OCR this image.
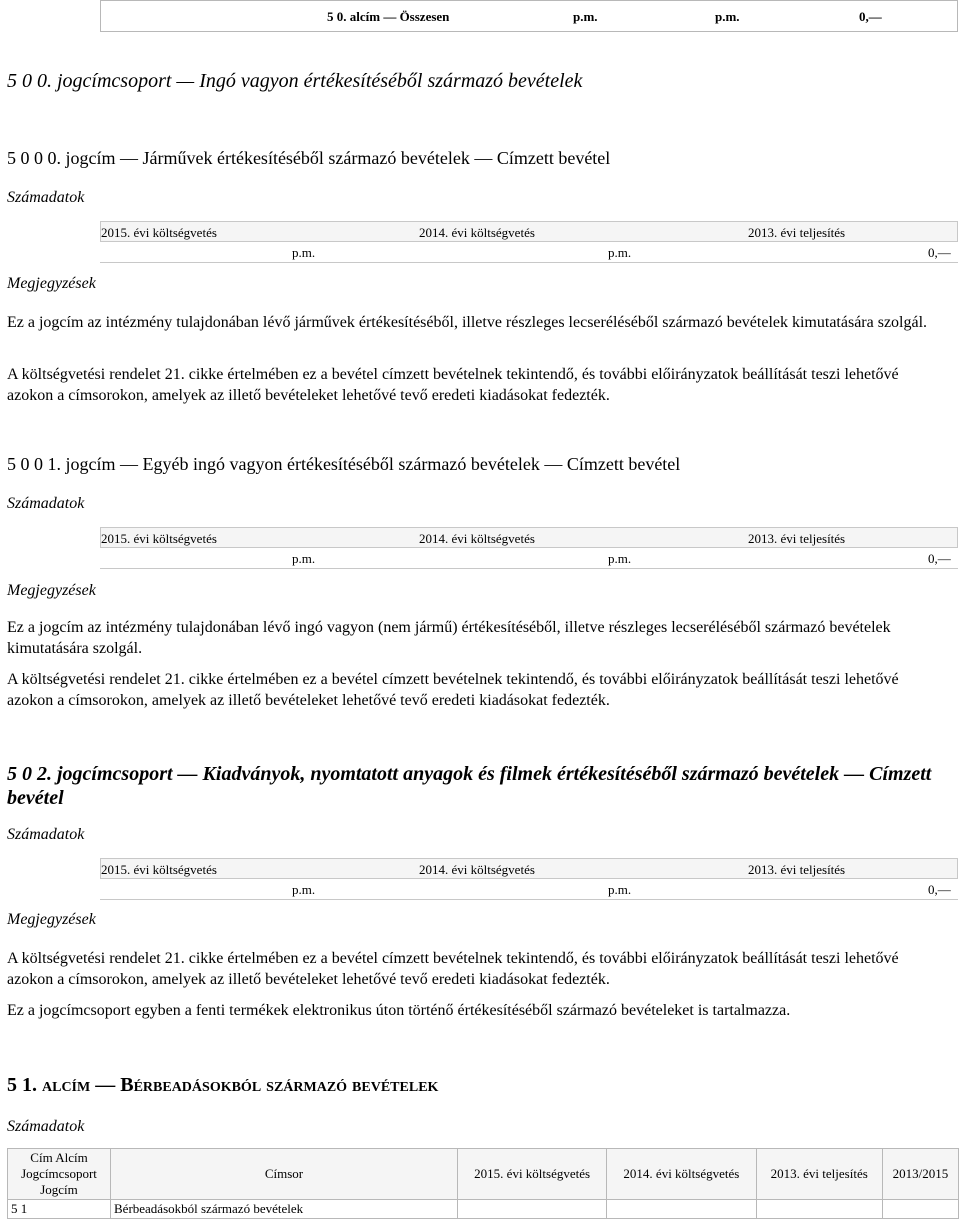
5 0. alcím — Összesen	p.m.	p.m.	0,—
5 0 0. jogcímcsoport — Ingó vagyon értékesítéséből származó bevételek
5 0 0 0. jogcím — Járművek értékesítéséből származó bevételek — Címzett bevétel
Számadatok
2015. évi költségvetés	2014. évi költségvetés	2013. évi teljesítés
p.m.	p.m.	0,—
Megjegyzések
Ez a jogcím az intézmény tulajdonában lévő járművek értékesítéséből, illetve részleges lecseréléséből származó bevételek kimutatására szolgál.
A költségvetési rendelet 21. cikke értelmében ez a bevétel címzett bevételnek tekintendő, és további előirányzatok beállítását teszi lehetővé azokon a címsorokon, amelyek az illető bevételeket lehetővé tevő eredeti kiadásokat fedezték.
5 0 0 1. jogcím — Egyéb ingó vagyon értékesítéséből származó bevételek — Címzett bevétel
Számadatok
2015. évi költségvetés	2014. évi költségvetés	2013. évi teljesítés
p.m.	p.m.	0,—
Megjegyzések
Ez a jogcím az intézmény tulajdonában lévő ingó vagyon (nem jármű) értékesítéséből, illetve részleges lecseréléséből származó bevételek kimutatására szolgál.
A költségvetési rendelet 21. cikke értelmében ez a bevétel címzett bevételnek tekintendő, és további előirányzatok beállítását teszi lehetővé azokon a címsorokon, amelyek az illető bevételeket lehetővé tevő eredeti kiadásokat fedezték.
5 0 2. jogcímcsoport — Kiadványok, nyomtatott anyagok és filmek értékesítéséből származó bevételek — Címzett bevétel
Számadatok
2015. évi költségvetés	2014. évi költségvetés	2013. évi teljesítés
p.m.	p.m.	0,—
Megjegyzések
A költségvetési rendelet 21. cikke értelmében ez a bevétel címzett bevételnek tekintendő, és további előirányzatok beállítását teszi lehetővé azokon a címsorokon, amelyek az illető bevételeket lehetővé tevő eredeti kiadásokat fedezték.
Ez a jogcímcsoport egyben a fenti termékek elektronikus úton történő értékesítéséből származó bevételeket is tartalmazza.
5 1. alcím — Bérbeadásokból származó bevételek
Számadatok
Cím Alcím
Jogcímcsoport
Jogcím	Címsor	2015. évi költségvetés	2014. évi költségvetés	2013. évi teljesítés	2013/2015
5 1	Bérbeadásokból származó bevételek				
